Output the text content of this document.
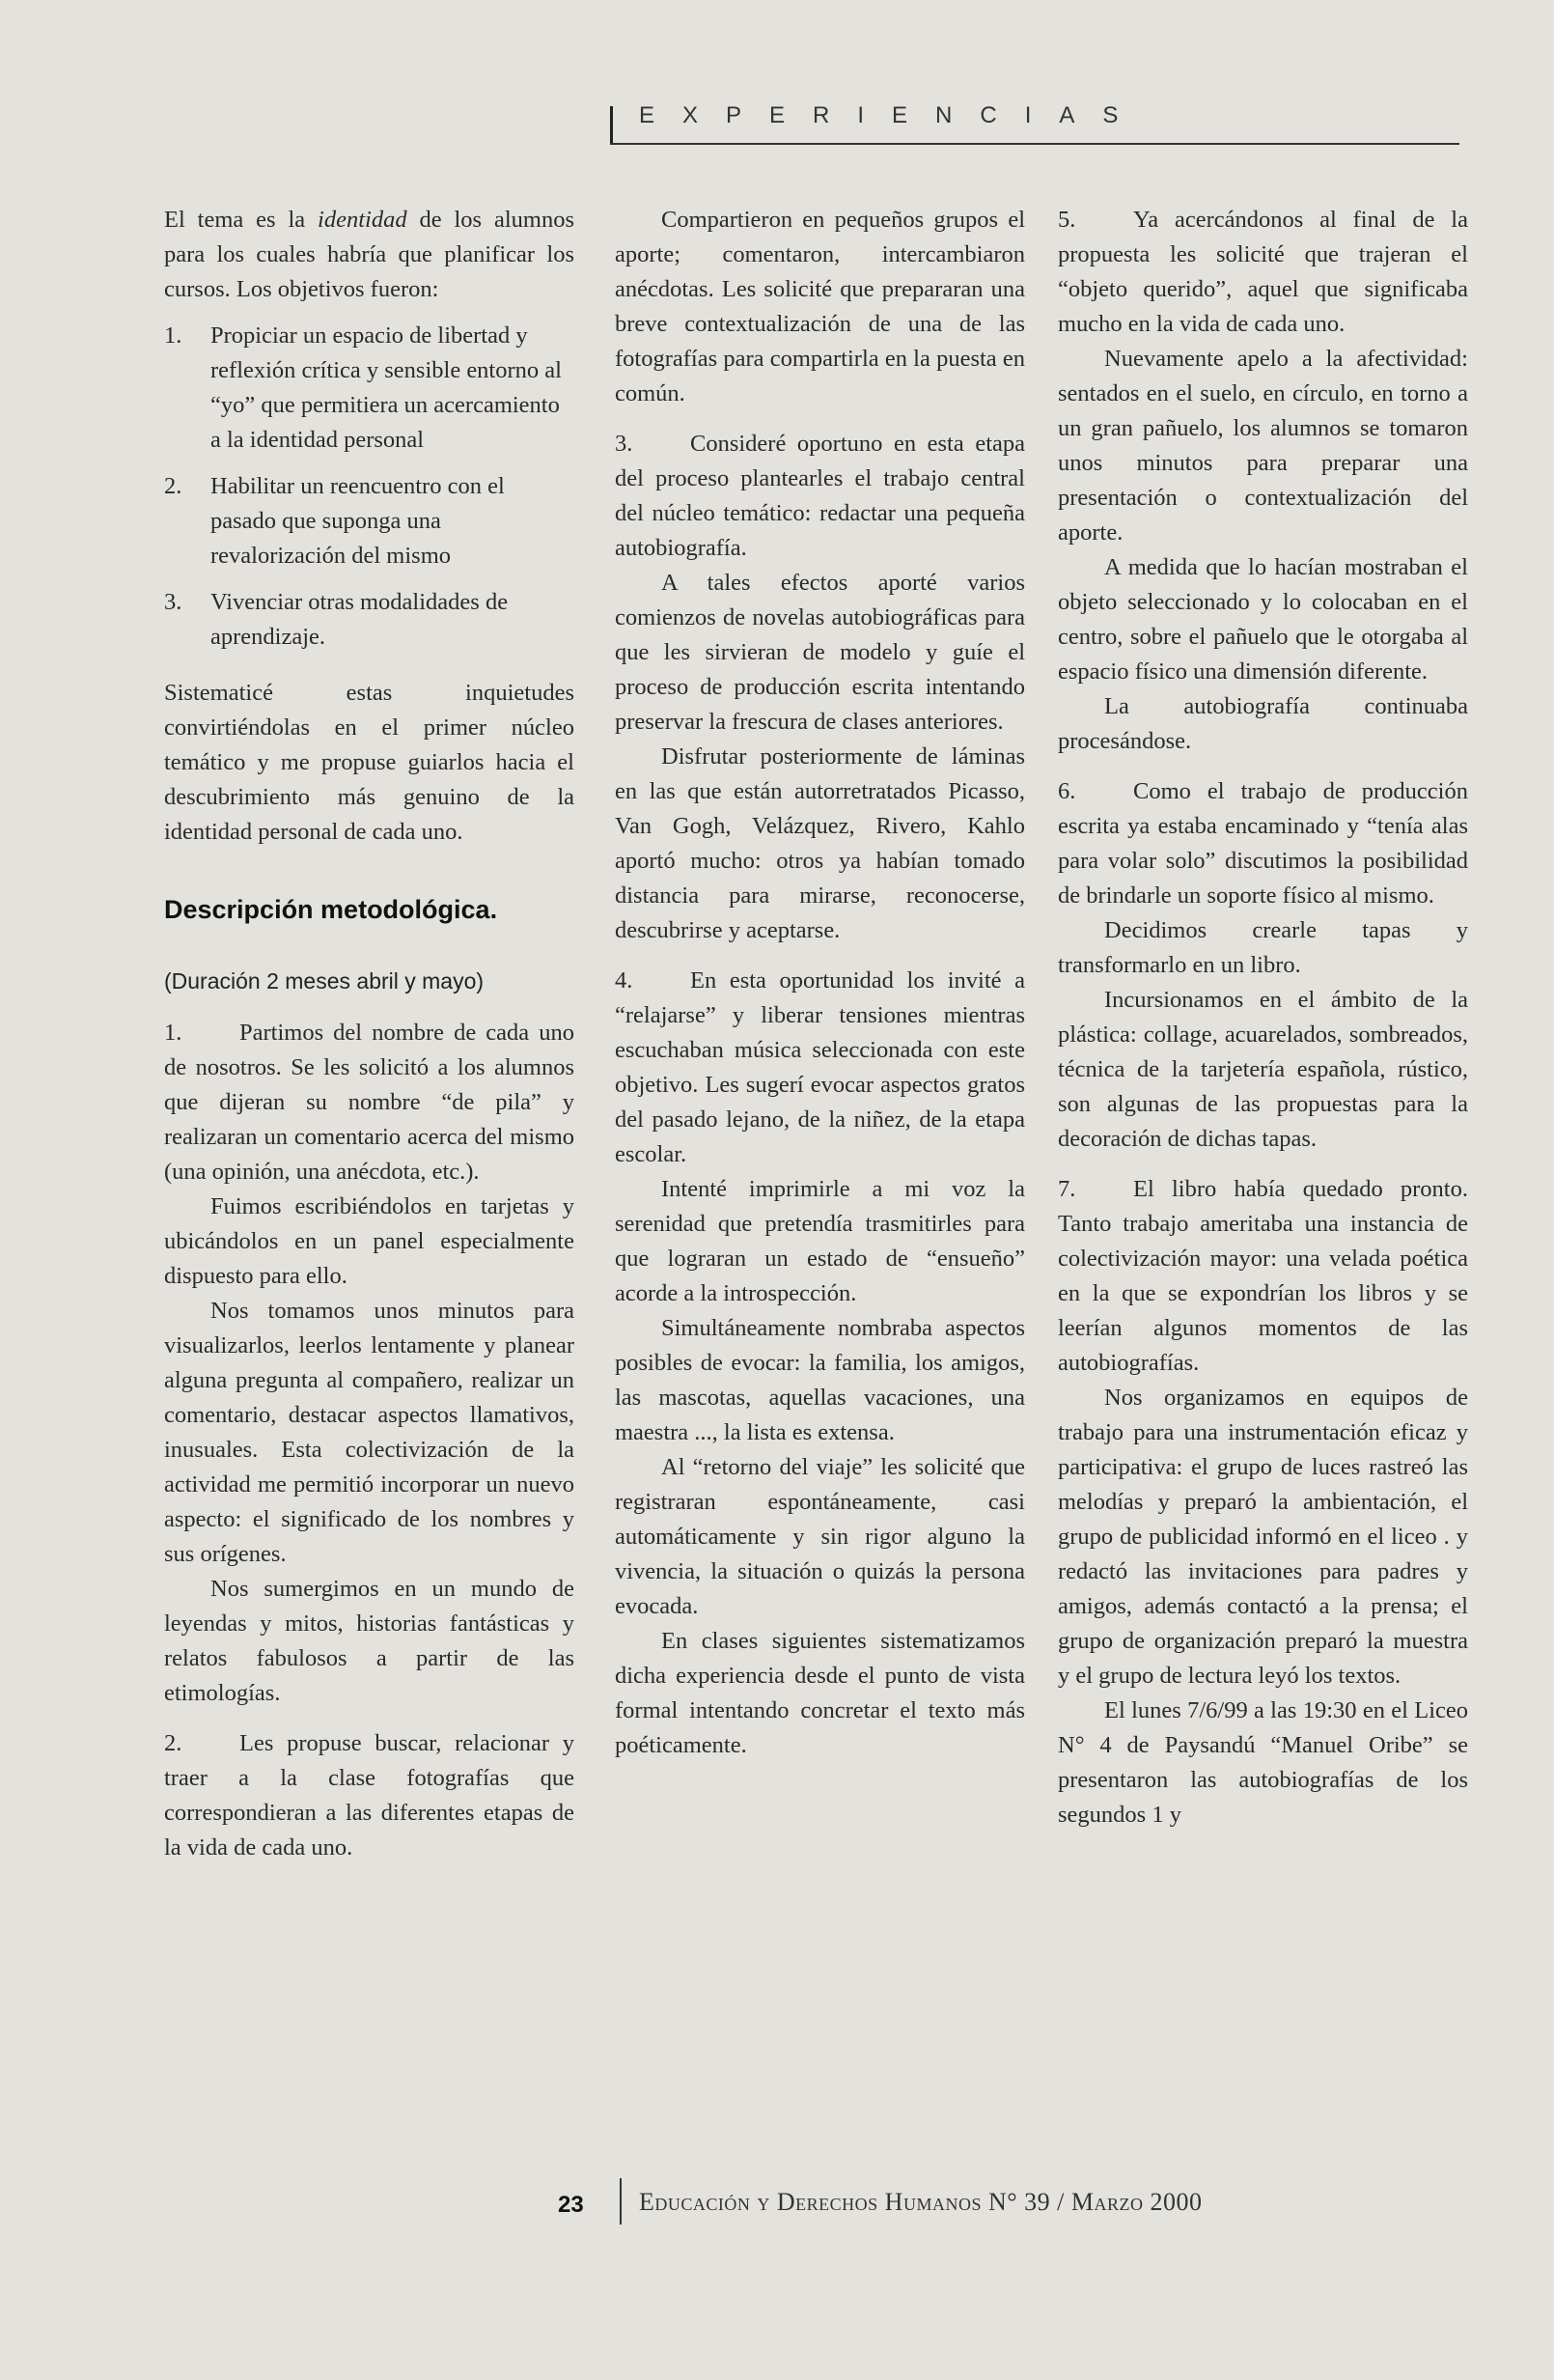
EXPERIENCIAS

El tema es la identidad de los alumnos para los cuales habría que planificar los cursos. Los objetivos fueron:

1. Propiciar un espacio de libertad y reflexión crítica y sensible entorno al “yo” que permitiera un acercamiento a la identidad personal
2. Habilitar un reencuentro con el pasado que suponga una revalorización del mismo
3. Vivenciar otras modalidades de aprendizaje.

Sistematicé estas inquietudes convirtiéndolas en el primer núcleo temático y me propuse guiarlos hacia el descubrimiento más genuino de la identidad personal de cada uno.

Descripción metodológica.
(Duración 2 meses abril y mayo)

1. Partimos del nombre de cada uno de nosotros. Se les solicitó a los alumnos que dijeran su nombre “de pila” y realizaran un comentario acerca del mismo (una opinión, una anécdota, etc.).

Fuimos escribiéndolos en tarjetas y ubicándolos en un panel especialmente dispuesto para ello.

Nos tomamos unos minutos para visualizarlos, leerlos lentamente y planear alguna pregunta al compañero, realizar un comentario, destacar aspectos llamativos, inusuales. Esta colectivización de la actividad me permitió incorporar un nuevo aspecto: el significado de los nombres y sus orígenes.

Nos sumergimos en un mundo de leyendas y mitos, historias fantásticas y relatos fabulosos a partir de las etimologías.

2. Les propuse buscar, relacionar y traer a la clase fotografías que correspondieran a las diferentes etapas de la vida de cada uno.

Compartieron en pequeños grupos el aporte; comentaron, intercambiaron anécdotas. Les solicité que prepararan una breve contextualización de una de las fotografías para compartirla en la puesta en común.

3. Consideré oportuno en esta etapa del proceso plantearles el trabajo central del núcleo temático: redactar una pequeña autobiografía.

A tales efectos aporté varios comienzos de novelas autobiográficas para que les sirvieran de modelo y guíe el proceso de producción escrita intentando preservar la frescura de clases anteriores.

Disfrutar posteriormente de láminas en las que están autorretratados Picasso, Van Gogh, Velázquez, Rivero, Kahlo aportó mucho: otros ya habían tomado distancia para mirarse, reconocerse, descubrirse y aceptarse.

4. En esta oportunidad los invité a “relajarse” y liberar tensiones mientras escuchaban música seleccionada con este objetivo. Les sugerí evocar aspectos gratos del pasado lejano, de la niñez, de la etapa escolar.

Intenté imprimirle a mi voz la serenidad que pretendía trasmitirles para que lograran un estado de “ensueño” acorde a la introspección.

Simultáneamente nombraba aspectos posibles de evocar: la familia, los amigos, las mascotas, aquellas vacaciones, una maestra ..., la lista es extensa.

Al “retorno del viaje” les solicité que registraran espontáneamente, casi automáticamente y sin rigor alguno la vivencia, la situación o quizás la persona evocada.

En clases siguientes sistematizamos dicha experiencia desde el punto de vista formal intentando concretar el texto más poéticamente.

5. Ya acercándonos al final de la propuesta les solicité que trajeran el “objeto querido”, aquel que significaba mucho en la vida de cada uno.

Nuevamente apelo a la afectividad: sentados en el suelo, en círculo, en torno a un gran pañuelo, los alumnos se tomaron unos minutos para preparar una presentación o contextualización del aporte.

A medida que lo hacían mostraban el objeto seleccionado y lo colocaban en el centro, sobre el pañuelo que le otorgaba al espacio físico una dimensión diferente.

La autobiografía continuaba procesándose.

6. Como el trabajo de producción escrita ya estaba encaminado y “tenía alas para volar solo” discutimos la posibilidad de brindarle un soporte físico al mismo.

Decidimos crearle tapas y transformarlo en un libro.

Incursionamos en el ámbito de la plástica: collage, acuarelados, sombreados, técnica de la tarjetería española, rústico, son algunas de las propuestas para la decoración de dichas tapas.

7. El libro había quedado pronto. Tanto trabajo ameritaba una instancia de colectivización mayor: una velada poética en la que se expondrían los libros y se leerían algunos momentos de las autobiografías.

Nos organizamos en equipos de trabajo para una instrumentación eficaz y participativa: el grupo de luces rastreó las melodías y preparó la ambientación, el grupo de publicidad informó en el liceo . y redactó las invitaciones para padres y amigos, además contactó a la prensa; el grupo de organización preparó la muestra y el grupo de lectura leyó los textos.

El lunes 7/6/99 a las 19:30 en el Liceo N° 4 de Paysandú “Manuel Oribe” se presentaron las autobiografías de los segundos 1 y

23 Educación y Derechos Humanos N° 39 / Marzo 2000
